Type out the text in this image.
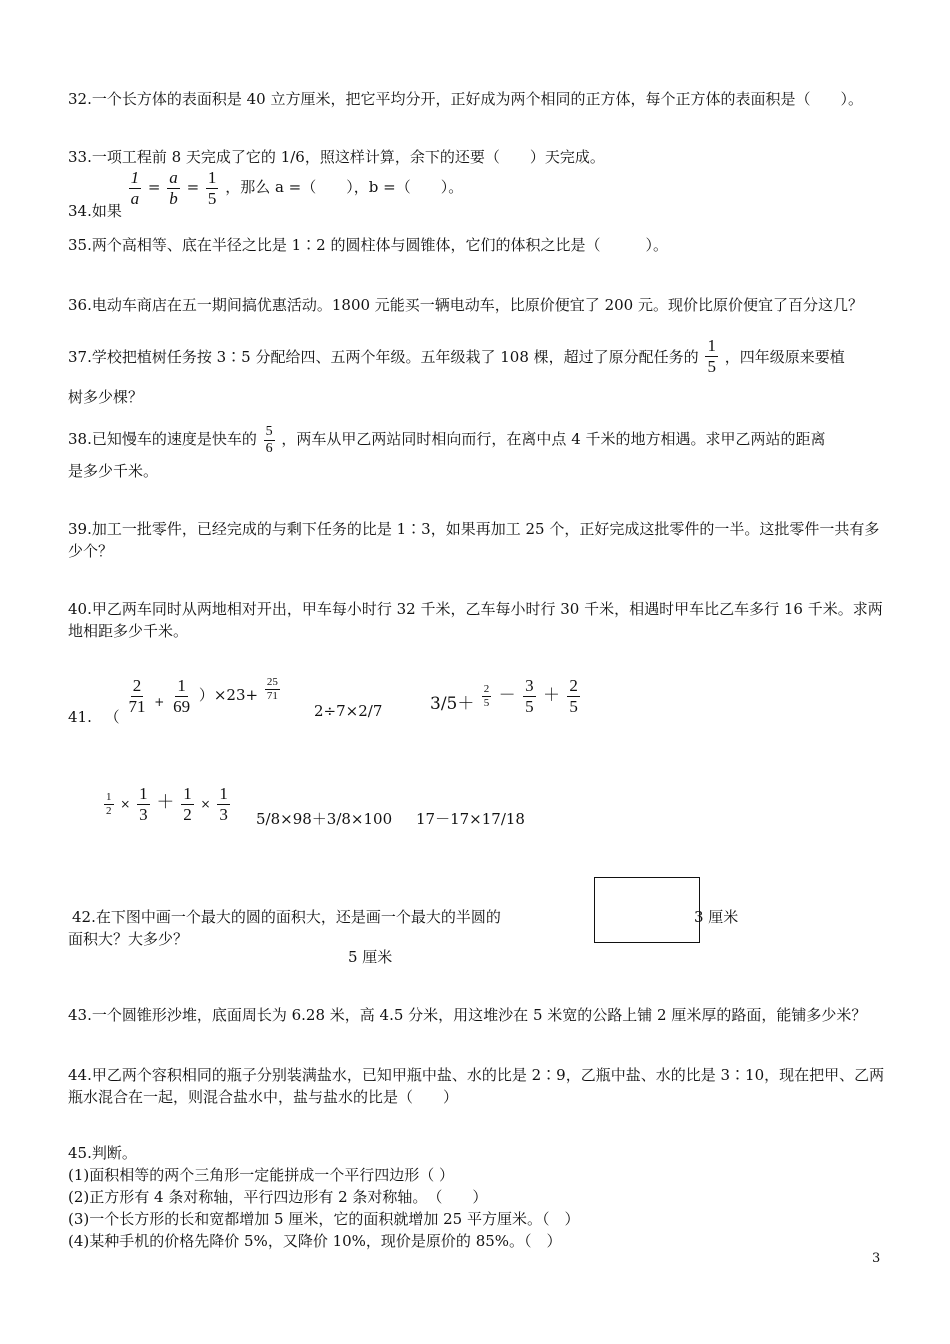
32.一个长方体的表面积是 40 立方厘米，把它平均分开，正好成为两个相同的正方体，每个正方体的表面积是（　　）。
33.一项工程前 8 天完成了它的 1/6，照这样计算，余下的还要（　　）天完成。
34.如果
$\frac{1}{a} = \frac{a}{b} = \frac{1}{5}$ ，那么 a =（　　），b =（　　）。
35.两个高相等、底在半径之比是 1∶2 的圆柱体与圆锥体，它们的体积之比是（　　　）。
36.电动车商店在五一期间搞优惠活动。1800 元能买一辆电动车，比原价便宜了 200 元。现价比原价便宜了百分这几？
37.学校把植树任务按 3∶5 分配给四、五两个年级。五年级栽了 108 棵，超过了原分配任务的 $\frac{1}{5}$ ，四年级原来要植
树多少棵？
38.已知慢车的速度是快车的 $\frac{5}{6}$ ，两车从甲乙两站同时相向而行，在离中点 4 千米的地方相遇。求甲乙两站的距离
是多少千米。
39.加工一批零件，已经完成的与剩下任务的比是 1∶3，如果再加工 25 个，正好完成这批零件的一半。这批零件一共有多少个？
40.甲乙两车同时从两地相对开出，甲车每小时行 32 千米，乙车每小时行 30 千米，相遇时甲车比乙车多行 16 千米。求两地相距多少千米。
41. （
$\frac{2}{71} _+ \frac{1}{69} )\times 23+ \frac{25}{71}$
2÷7×2/7	$3/5+ \frac{2}{5} - \frac{3}{5} + \frac{2}{5}$
$\frac{1}{2} \times \frac{1}{3} + \frac{1}{2} \times \frac{1}{3} 5/8\times 98+3/8\times 100$ 17－17×17/18
42.在下图中画一个最大的圆的面积大，还是画一个最大的半圆的
面积大？大多少？
3 厘米
5 厘米
43.一个圆锥形沙堆，底面周长为 6.28 米，高 4.5 分米，用这堆沙在 5 米宽的公路上铺 2 厘米厚的路面，能铺多少米？
44.甲乙两个容积相同的瓶子分别装满盐水，已知甲瓶中盐、水的比是 2∶9，乙瓶中盐、水的比是 3∶10，现在把甲、乙两瓶水混合在一起，则混合盐水中，盐与盐水的比是（　　）
45.判断。
(1)面积相等的两个三角形一定能拼成一个平行四边形（ ）
(2)正方形有 4 条对称轴，平行四边形有 2 条对称轴。　（　　）
(3)一个长方形的长和宽都增加 5 厘米，它的面积就增加 25 平方厘米。（　）
(4)某种手机的价格先降价 5%，又降价 10%，现价是原价的 85%。（　）
3
